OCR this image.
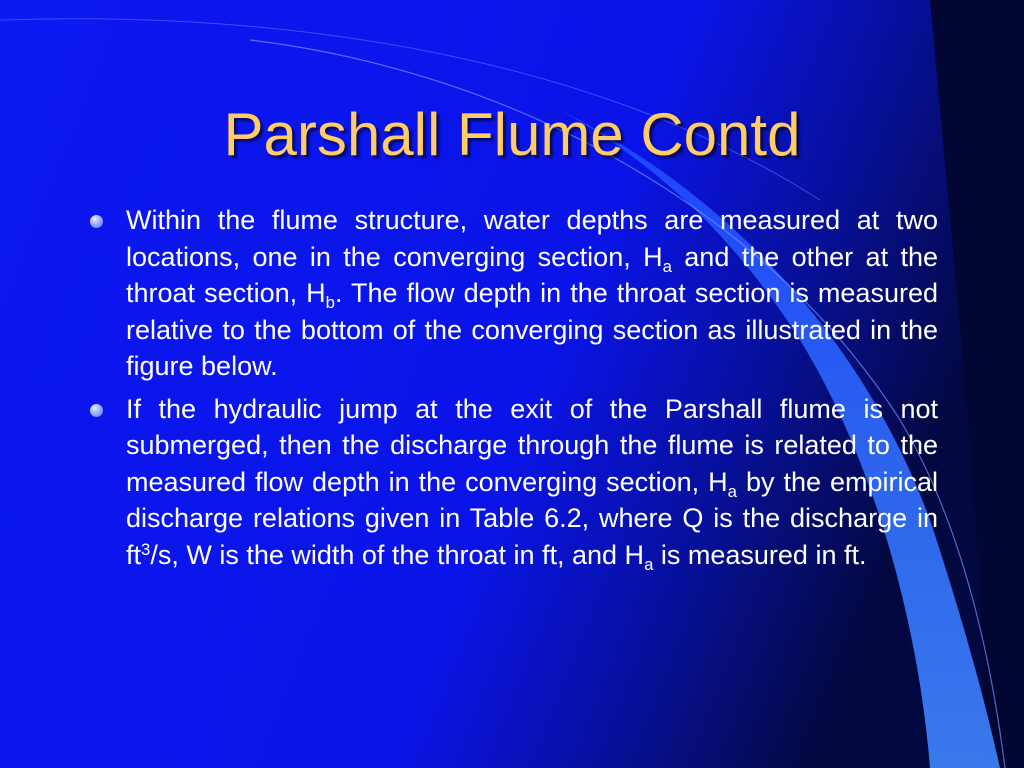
Parshall Flume Contd
Within the flume structure, water depths are measured at two locations, one in the converging section, $H_a$ and the other at the throat section, $H_b$. The flow depth in the throat section is measured relative to the bottom of the converging section as illustrated in the figure below.
If the hydraulic jump at the exit of the Parshall flume is not submerged, then the discharge through the flume is related to the measured flow depth in the converging section, $H_a$ by the empirical discharge relations given in Table 6.2, where Q is the discharge in $ft^3/s$, W is the width of the throat in ft, and $H_a$ is measured in ft.
